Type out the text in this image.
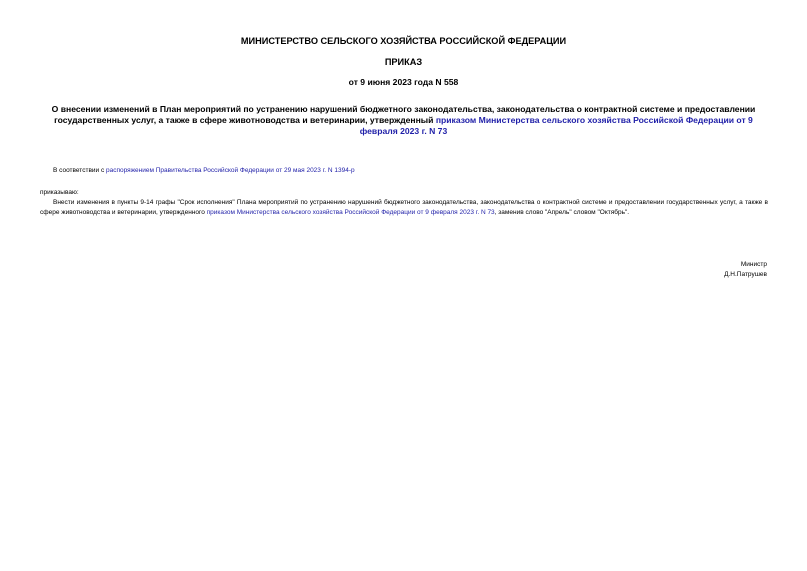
МИНИСТЕРСТВО СЕЛЬСКОГО ХОЗЯЙСТВА РОССИЙСКОЙ ФЕДЕРАЦИИ

ПРИКАЗ

от 9 июня 2023 года N 558

О внесении изменений в План мероприятий по устранению нарушений бюджетного законодательства, законодательства о контрактной системе и предоставлении государственных услуг, а также в сфере животноводства и ветеринарии, утвержденный приказом Министерства сельского хозяйства Российской Федерации от 9 февраля 2023 г. N 73

В соответствии с распоряжением Правительства Российской Федерации от 29 мая 2023 г. N 1394-р

приказываю:

Внести изменения в пункты 9-14 графы "Срок исполнения" Плана мероприятий по устранению нарушений бюджетного законодательства, законодательства о контрактной системе и предоставлении государственных услуг, а также в сфере животноводства и ветеринарии, утвержденного приказом Министерства сельского хозяйства Российской Федерации от 9 февраля 2023 г. N 73, заменив слово "Апрель" словом "Октябрь".

Министр

Д.Н.Патрушев
